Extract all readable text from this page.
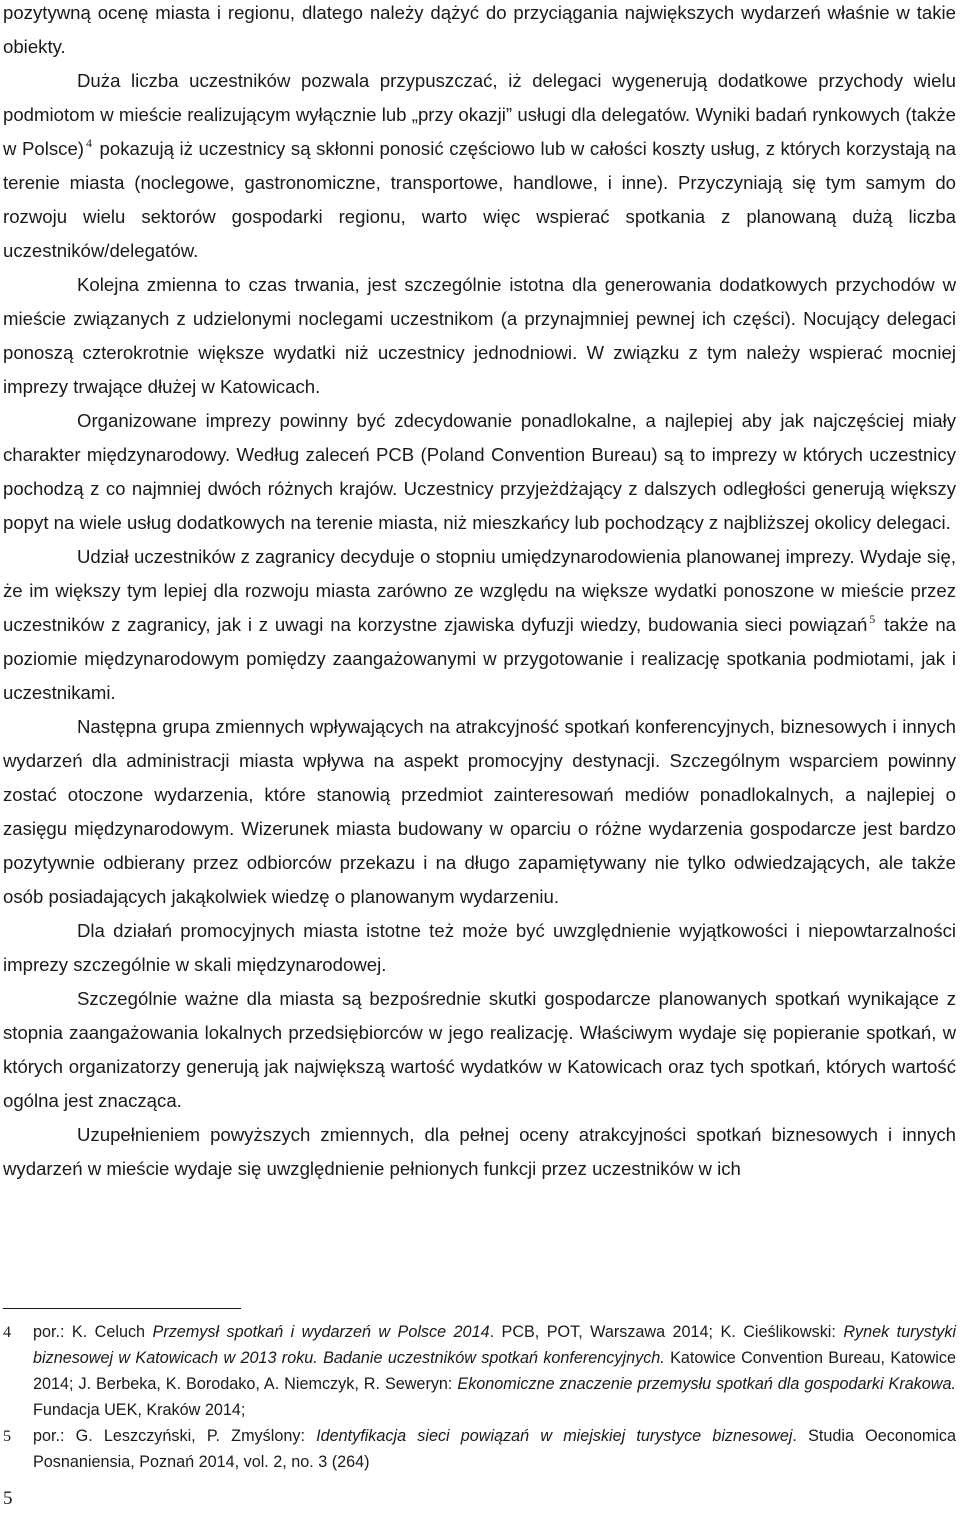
pozytywną ocenę miasta i regionu, dlatego należy dążyć do przyciągania największych wydarzeń właśnie w takie obiekty.

Duża liczba uczestników pozwala przypuszczać, iż delegaci wygenerują dodatkowe przychody wielu podmiotom w mieście realizującym wyłącznie lub „przy okazji” usługi dla delegatów. Wyniki badań rynkowych (także w Polsce) $^4$ pokazują iż uczestnicy są skłonni ponosić częściowo lub w całości koszty usług, z których korzystają na terenie miasta (noclegowe, gastronomiczne, transportowe, handlowe, i inne). Przyczyniają się tym samym do rozwoju wielu sektorów gospodarki regionu, warto więc wspierać spotkania z planowaną dużą liczba uczestników/delegatów.

Kolejna zmienna to czas trwania, jest szczególnie istotna dla generowania dodatkowych przychodów w mieście związanych z udzielonymi noclegami uczestnikom (a przynajmniej pewnej ich części). Nocujący delegaci ponoszą czterokrotnie większe wydatki niż uczestnicy jednodniowi. W związku z tym należy wspierać mocniej imprezy trwające dłużej w Katowicach.

Organizowane imprezy powinny być zdecydowanie ponadlokalne, a najlepiej aby jak najczęściej miały charakter międzynarodowy. Według zaleceń PCB (Poland Convention Bureau) są to imprezy w których uczestnicy pochodzą z co najmniej dwóch różnych krajów. Uczestnicy przyjeżdżający z dalszych odległości generują większy popyt na wiele usług dodatkowych na terenie miasta, niż mieszkańcy lub pochodzący z najbliższej okolicy delegaci.

Udział uczestników z zagranicy decyduje o stopniu umiędzynarodowienia planowanej imprezy. Wydaje się, że im większy tym lepiej dla rozwoju miasta zarówno ze względu na większe wydatki ponoszone w mieście przez uczestników z zagranicy, jak i z uwagi na korzystne zjawiska dyfuzji wiedzy, budowania sieci powiązań $^5$ także na poziomie międzynarodowym pomiędzy zaangażowanymi w przygotowanie i realizację spotkania podmiotami, jak i uczestnikami.

Następna grupa zmiennych wpływających na atrakcyjność spotkań konferencyjnych, biznesowych i innych wydarzeń dla administracji miasta wpływa na aspekt promocyjny destynacji. Szczególnym wsparciem powinny zostać otoczone wydarzenia, które stanowią przedmiot zainteresowań mediów ponadlokalnych, a najlepiej o zasięgu międzynarodowym. Wizerunek miasta budowany w oparciu o różne wydarzenia gospodarcze jest bardzo pozytywnie odbierany przez odbiorców przekazu i na długo zapamiętywany nie tylko odwiedzających, ale także osób posiadających jakąkolwiek wiedzę o planowanym wydarzeniu.

Dla działań promocyjnych miasta istotne też może być uwzględnienie wyjątkowości i niepowtarzalności imprezy szczególnie w skali międzynarodowej.

Szczególnie ważne dla miasta są bezpośrednie skutki gospodarcze planowanych spotkań wynikające z stopnia zaangażowania lokalnych przedsiębiorców w jego realizację. Właściwym wydaje się popieranie spotkań, w których organizatorzy generują jak największą wartość wydatków w Katowicach oraz tych spotkań, których wartość ogólna jest znacząca.

Uzupełnieniem powyższych zmiennych, dla pełnej oceny atrakcyjności spotkań biznesowych i innych wydarzeń w mieście wydaje się uwzględnienie pełnionych funkcji przez uczestników w ich

4 por.: K. Celuch Przemysł spotkań i wydarzeń w Polsce 2014. PCB, POT, Warszawa 2014; K. Cieślikowski: Rynek turystyki biznesowej w Katowicach w 2013 roku. Badanie uczestników spotkań konferencyjnych. Katowice Convention Bureau, Katowice 2014; J. Berbeka, K. Borodako, A. Niemczyk, R. Seweryn: Ekonomiczne znaczenie przemysłu spotkań dla gospodarki Krakowa. Fundacja UEK, Kraków 2014;
5 por.: G. Leszczyński, P. Zmyślony: Identyfikacja sieci powiązań w miejskiej turystyce biznesowej. Studia Oeconomica Posnaniensia, Poznań 2014, vol. 2, no. 3 (264)
5
